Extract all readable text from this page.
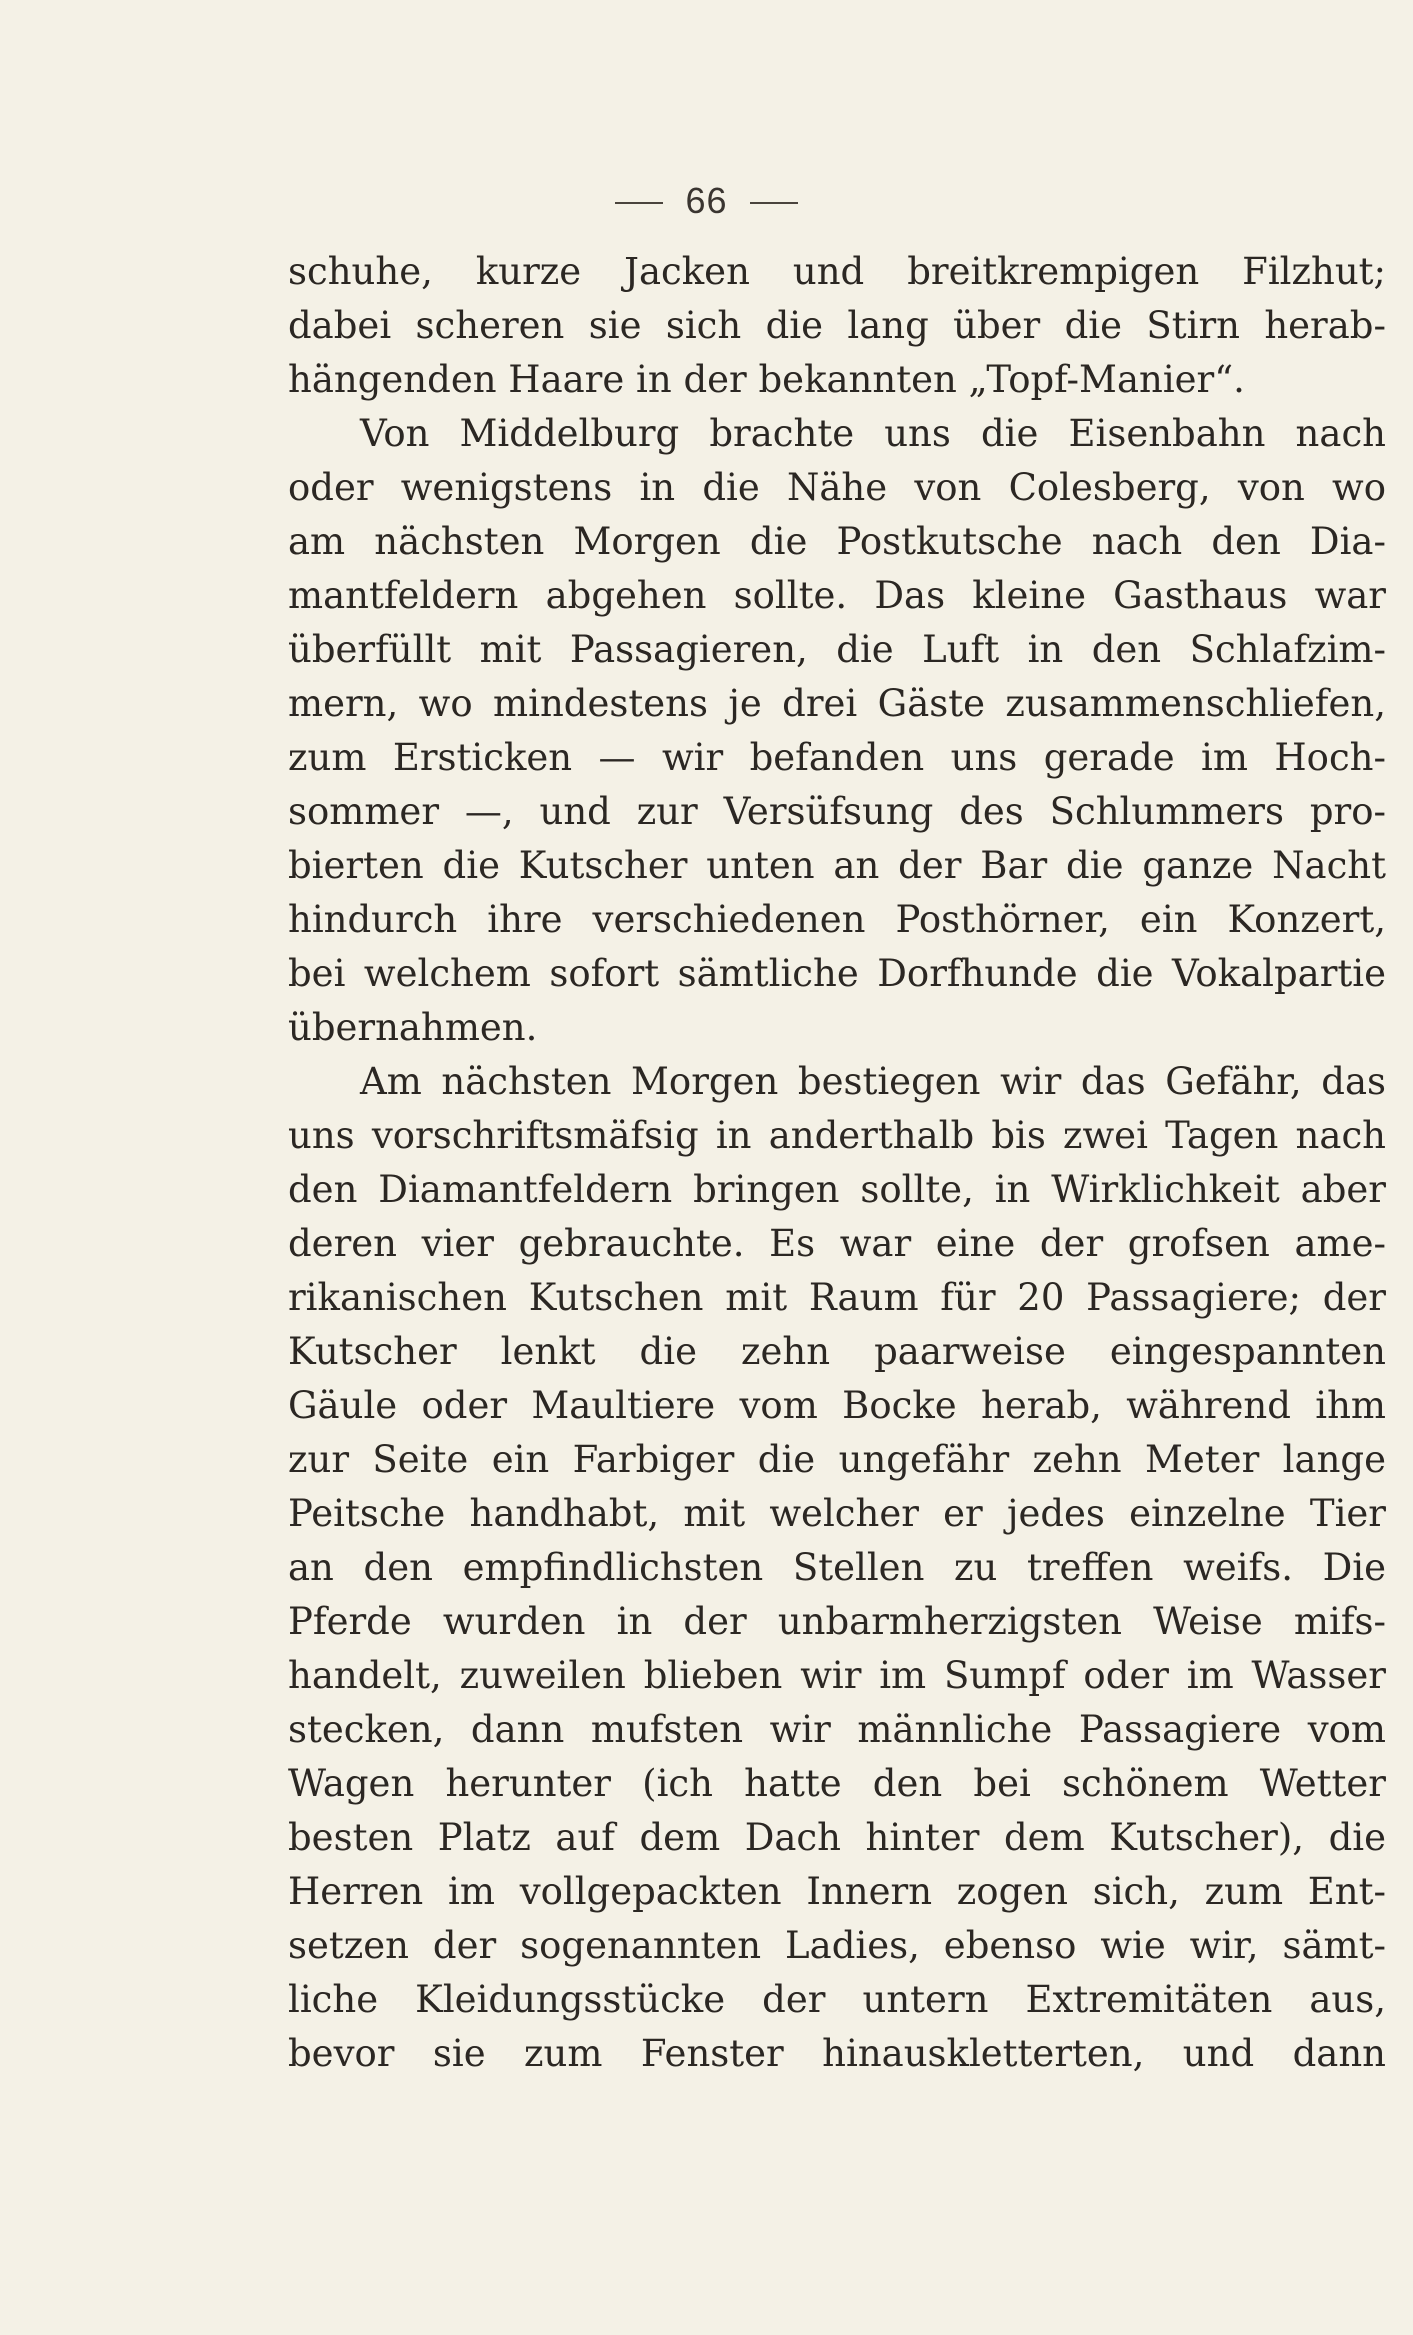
66
schuhe, kurze Jacken und breitkrempigen Filzhut;
dabei scheren sie sich die lang über die Stirn herab-
hängenden Haare in der bekannten „Topf-Manier“.
Von Middelburg brachte uns die Eisenbahn nach
oder wenigstens in die Nähe von Colesberg, von wo
am nächsten Morgen die Postkutsche nach den Dia-
mantfeldern abgehen sollte. Das kleine Gasthaus war
überfüllt mit Passagieren, die Luft in den Schlafzim-
mern, wo mindestens je drei Gäste zusammenschliefen,
zum Ersticken — wir befanden uns gerade im Hoch-
sommer —, und zur Versüfsung des Schlummers pro-
bierten die Kutscher unten an der Bar die ganze Nacht
hindurch ihre verschiedenen Posthörner, ein Konzert,
bei welchem sofort sämtliche Dorfhunde die Vokalpartie
übernahmen.
Am nächsten Morgen bestiegen wir das Gefähr, das
uns vorschriftsmäfsig in anderthalb bis zwei Tagen nach
den Diamantfeldern bringen sollte, in Wirklichkeit aber
deren vier gebrauchte. Es war eine der grofsen ame-
rikanischen Kutschen mit Raum für 20 Passagiere; der
Kutscher lenkt die zehn paarweise eingespannten
Gäule oder Maultiere vom Bocke herab, während ihm
zur Seite ein Farbiger die ungefähr zehn Meter lange
Peitsche handhabt, mit welcher er jedes einzelne Tier
an den empfindlichsten Stellen zu treffen weifs. Die
Pferde wurden in der unbarmherzigsten Weise mifs-
handelt, zuweilen blieben wir im Sumpf oder im Wasser
stecken, dann mufsten wir männliche Passagiere vom
Wagen herunter (ich hatte den bei schönem Wetter
besten Platz auf dem Dach hinter dem Kutscher), die
Herren im vollgepackten Innern zogen sich, zum Ent-
setzen der sogenannten Ladies, ebenso wie wir, sämt-
liche Kleidungsstücke der untern Extremitäten aus,
bevor sie zum Fenster hinauskletterten, und dann
